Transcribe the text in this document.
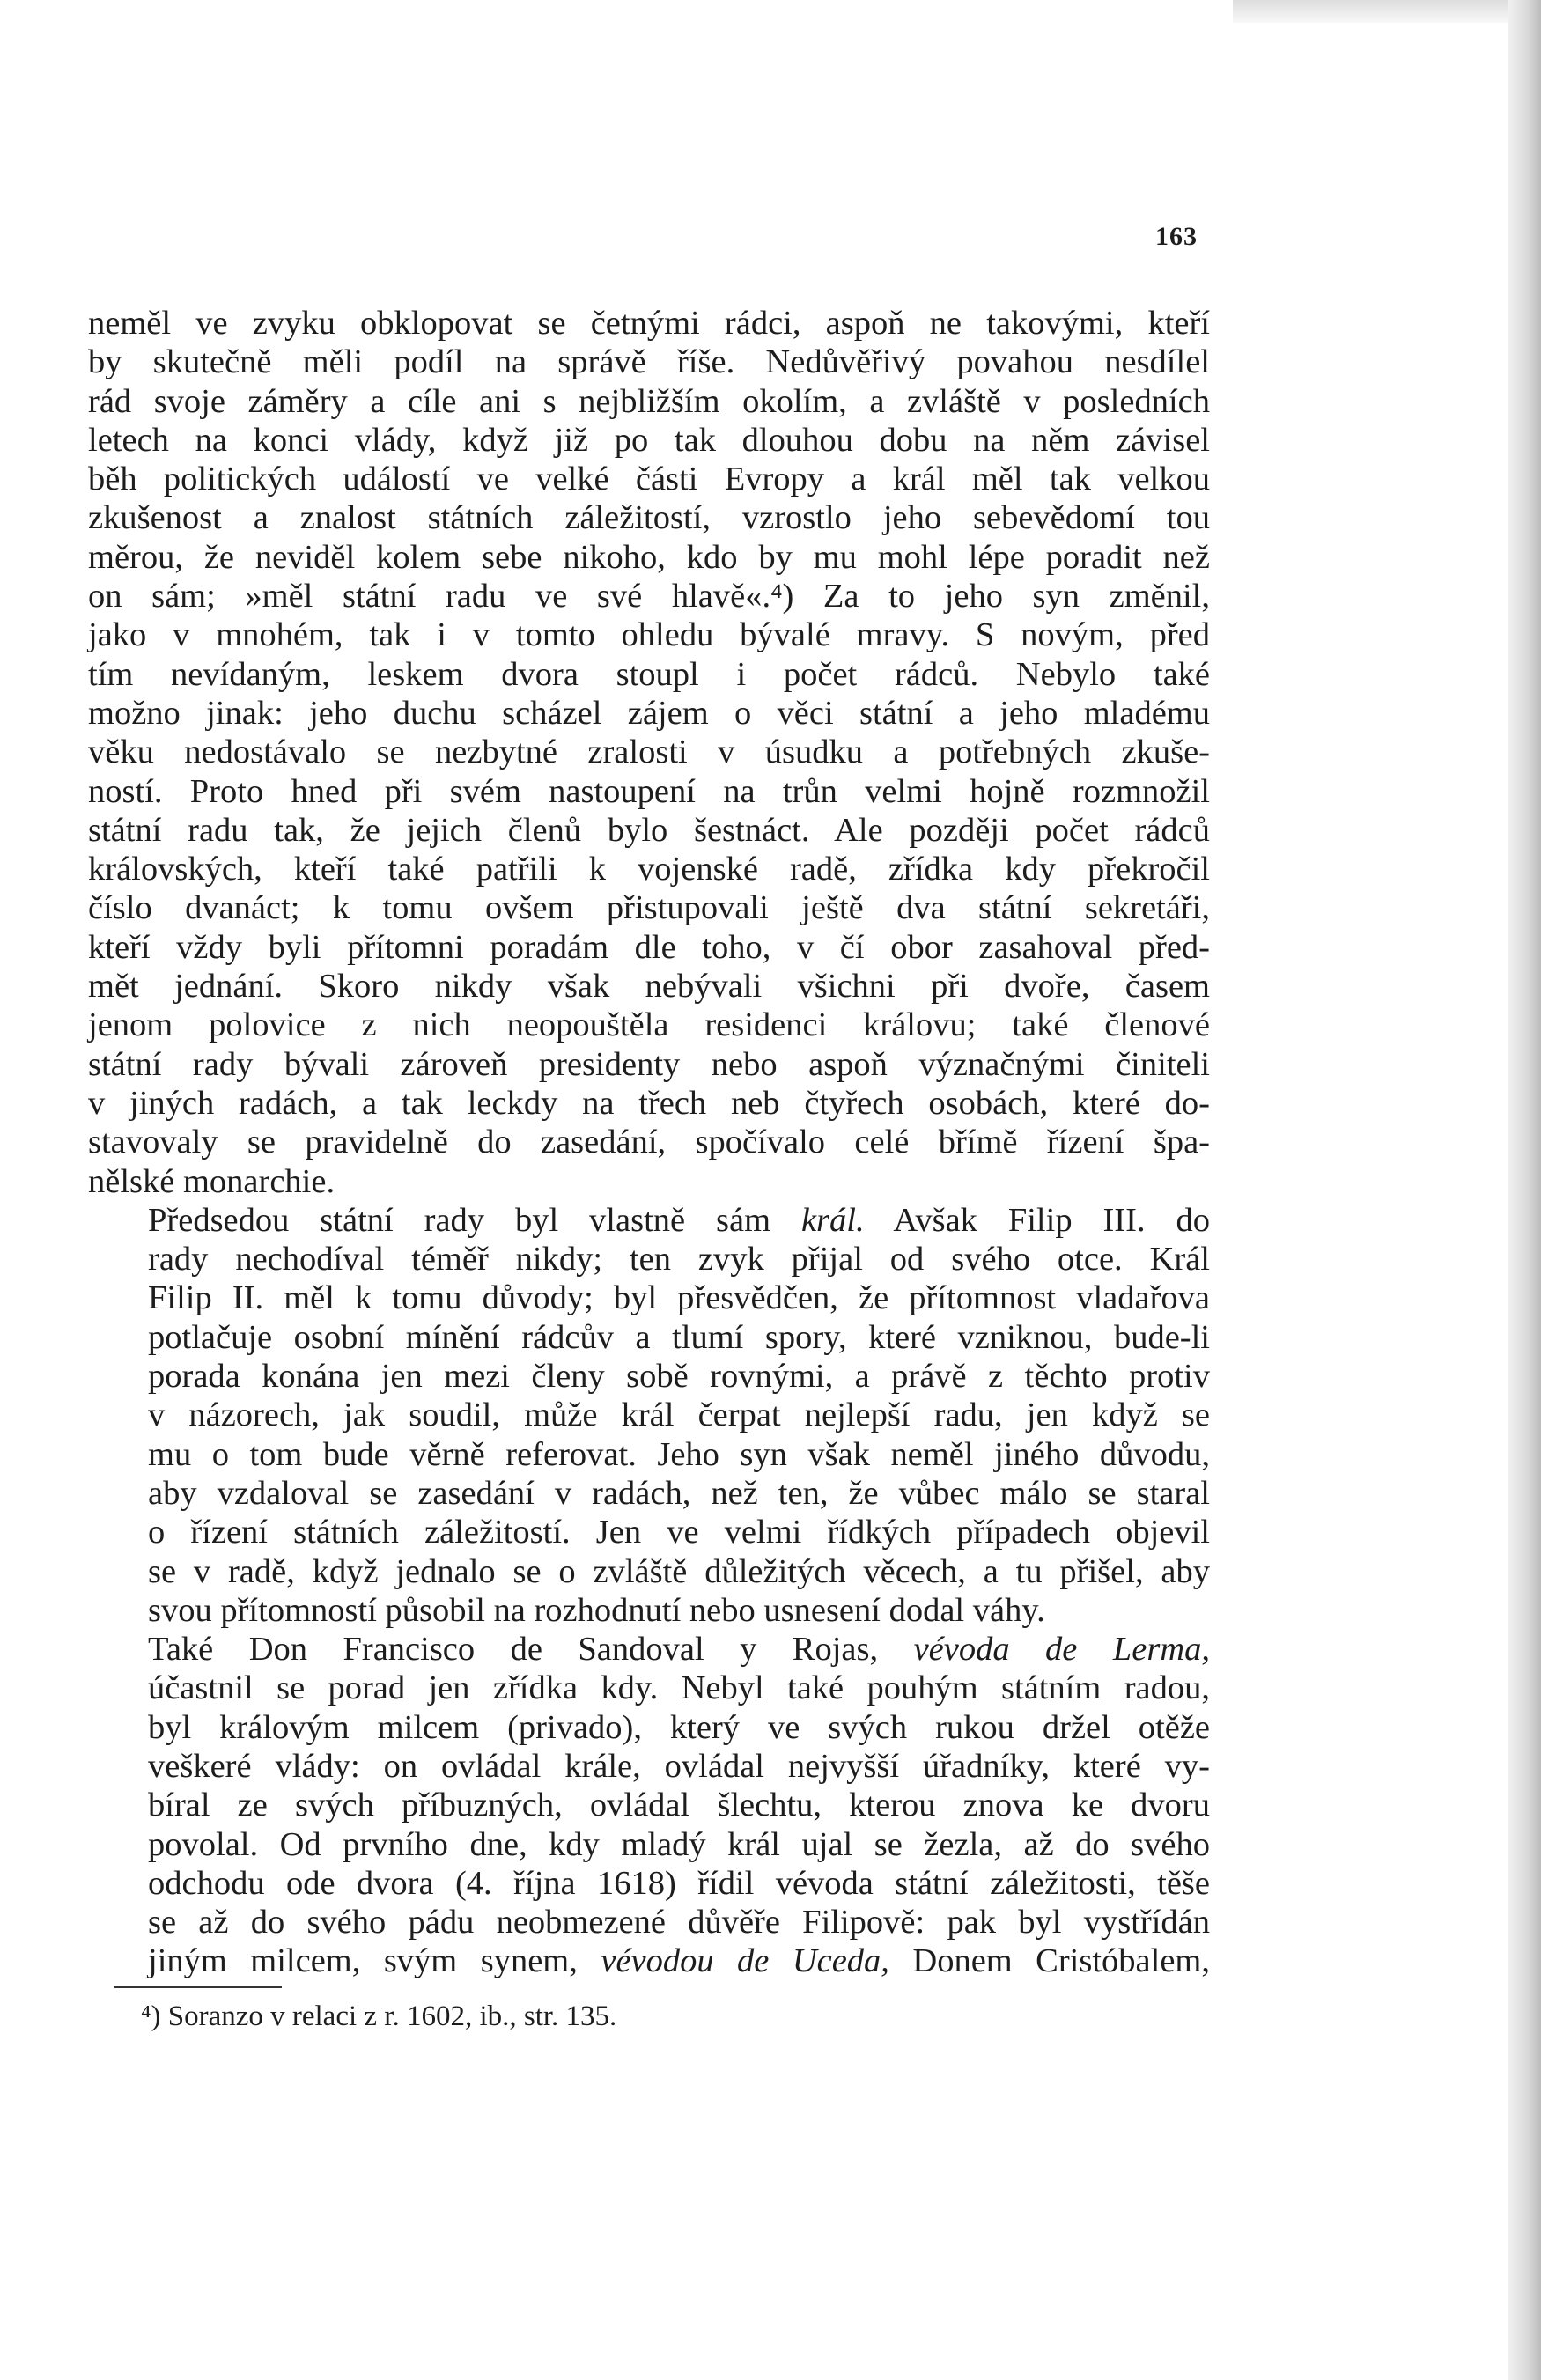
163
neměl ve zvyku obklopovat se četnými rádci, aspoň ne takovými, kteří
by skutečně měli podíl na správě říše. Nedůvěřivý povahou nesdílel
rád svoje záměry a cíle ani s nejbližším okolím, a zvláště v posledních
letech na konci vlády, když již po tak dlouhou dobu na něm závisel
běh politických událostí ve velké části Evropy a král měl tak velkou
zkušenost a znalost státních záležitostí, vzrostlo jeho sebevědomí tou
měrou, že neviděl kolem sebe nikoho, kdo by mu mohl lépe poradit než
on sám; »měl státní radu ve své hlavě«.⁴) Za to jeho syn změnil,
jako v mnohém, tak i v tomto ohledu bývalé mravy. S novým, před
tím nevídaným, leskem dvora stoupl i počet rádců. Nebylo také
možno jinak: jeho duchu scházel zájem o věci státní a jeho mladému
věku nedostávalo se nezbytné zralosti v úsudku a potřebných zkuše-
ností. Proto hned při svém nastoupení na trůn velmi hojně rozmnožil
státní radu tak, že jejich členů bylo šestnáct. Ale později počet rádců
královských, kteří také patřili k vojenské radě, zřídka kdy překročil
číslo dvanáct; k tomu ovšem přistupovali ještě dva státní sekretáři,
kteří vždy byli přítomni poradám dle toho, v čí obor zasahoval před-
mět jednání. Skoro nikdy však nebývali všichni při dvoře, časem
jenom polovice z nich neopouštěla residenci královu; také členové
státní rady bývali zároveň presidenty nebo aspoň význačnými činiteli
v jiných radách, a tak leckdy na třech neb čtyřech osobách, které do-
stavovaly se pravidelně do zasedání, spočívalo celé břímě řízení špa-
nělské monarchie.
Předsedou státní rady byl vlastně sám král. Avšak Filip III. do
rady nechodíval téměř nikdy; ten zvyk přijal od svého otce. Král
Filip II. měl k tomu důvody; byl přesvědčen, že přítomnost vladařova
potlačuje osobní mínění rádcův a tlumí spory, které vzniknou, bude-li
porada konána jen mezi členy sobě rovnými, a právě z těchto protiv
v názorech, jak soudil, může král čerpat nejlepší radu, jen když se
mu o tom bude věrně referovat. Jeho syn však neměl jiného důvodu,
aby vzdaloval se zasedání v radách, než ten, že vůbec málo se staral
o řízení státních záležitostí. Jen ve velmi řídkých případech objevil
se v radě, když jednalo se o zvláště důležitých věcech, a tu přišel, aby
svou přítomností působil na rozhodnutí nebo usnesení dodal váhy.
Také Don Francisco de Sandoval y Rojas, vévoda de Lerma,
účastnil se porad jen zřídka kdy. Nebyl také pouhým státním radou,
byl královým milcem (privado), který ve svých rukou držel otěže
veškeré vlády: on ovládal krále, ovládal nejvyšší úřadníky, které vy-
bíral ze svých příbuzných, ovládal šlechtu, kterou znova ke dvoru
povolal. Od prvního dne, kdy mladý král ujal se žezla, až do svého
odchodu ode dvora (4. října 1618) řídil vévoda státní záležitosti, těše
se až do svého pádu neobmezené důvěře Filipově: pak byl vystřídán
jiným milcem, svým synem, vévodou de Uceda, Donem Cristóbalem,
⁴) Soranzo v relaci z r. 1602, ib., str. 135.
